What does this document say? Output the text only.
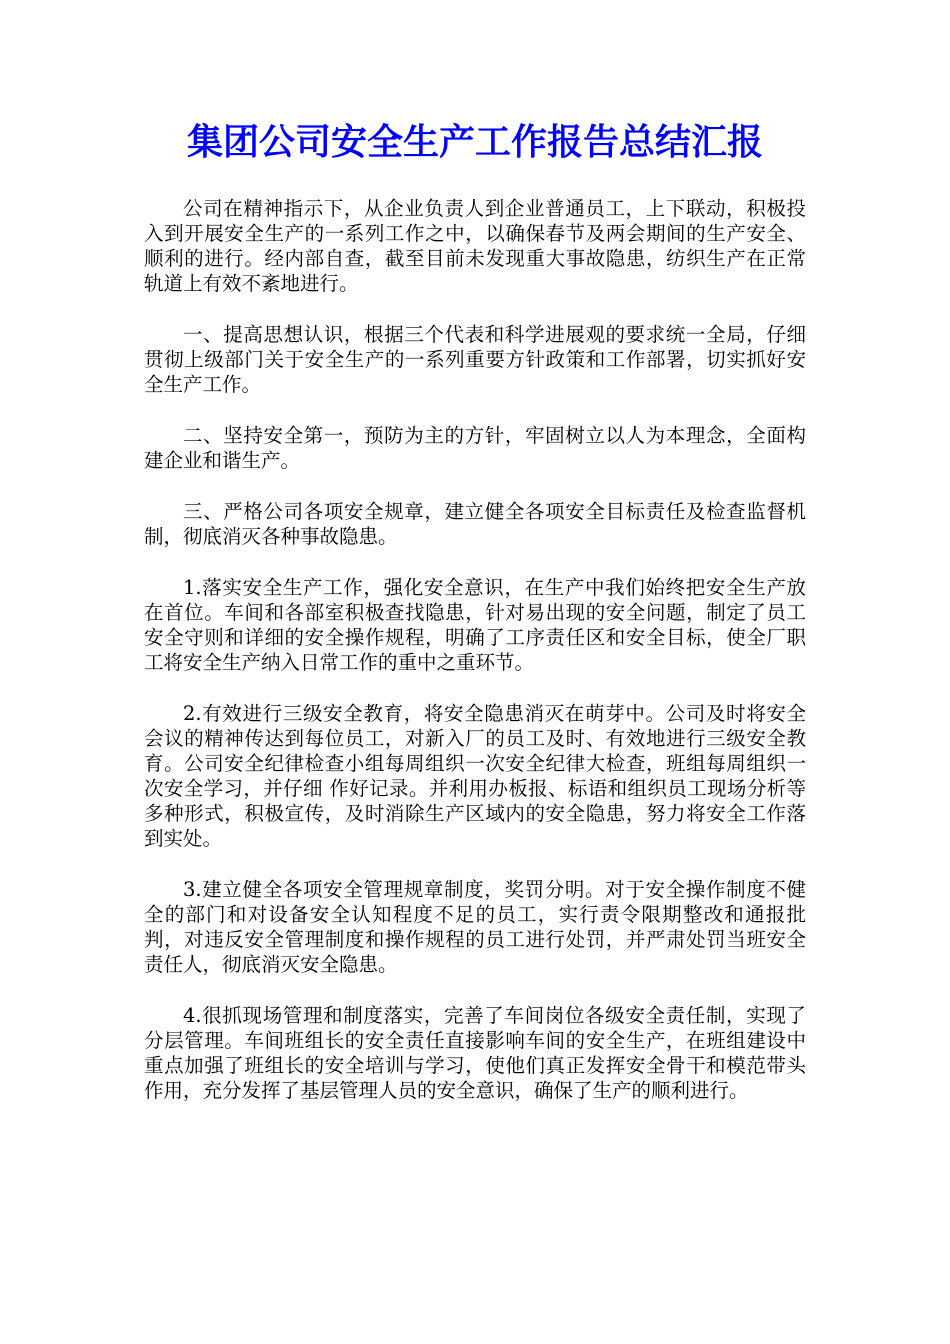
集团公司安全生产工作报告总结汇报

公司在精神指示下，从企业负责人到企业普通员工，上下联动，积极投入到开展安全生产的一系列工作之中，以确保春节及两会期间的生产安全、顺利的进行。经内部自查，截至目前未发现重大事故隐患，纺织生产在正常轨道上有效不紊地进行。

一、提高思想认识，根据三个代表和科学进展观的要求统一全局，仔细贯彻上级部门关于安全生产的一系列重要方针政策和工作部署，切实抓好安全生产工作。

二、坚持安全第一，预防为主的方针，牢固树立以人为本理念，全面构建企业和谐生产。

三、严格公司各项安全规章，建立健全各项安全目标责任及检查监督机制，彻底消灭各种事故隐患。

1.落实安全生产工作，强化安全意识，在生产中我们始终把安全生产放在首位。车间和各部室积极查找隐患，针对易出现的安全问题，制定了员工安全守则和详细的安全操作规程，明确了工序责任区和安全目标，使全厂职工将安全生产纳入日常工作的重中之重环节。

2.有效进行三级安全教育，将安全隐患消灭在萌芽中。公司及时将安全会议的精神传达到每位员工，对新入厂的员工及时、有效地进行三级安全教育。公司安全纪律检查小组每周组织一次安全纪律大检查，班组每周组织一次安全学习，并仔细 作好记录。并利用办板报、标语和组织员工现场分析等多种形式，积极宣传，及时消除生产区域内的安全隐患，努力将安全工作落到实处。

3.建立健全各项安全管理规章制度，奖罚分明。对于安全操作制度不健全的部门和对设备安全认知程度不足的员工，实行责令限期整改和通报批判，对违反安全管理制度和操作规程的员工进行处罚，并严肃处罚当班安全责任人，彻底消灭安全隐患。

4.很抓现场管理和制度落实，完善了车间岗位各级安全责任制，实现了分层管理。车间班组长的安全责任直接影响车间的安全生产，在班组建设中重点加强了班组长的安全培训与学习，使他们真正发挥安全骨干和模范带头作用，充分发挥了基层管理人员的安全意识，确保了生产的顺利进行。
